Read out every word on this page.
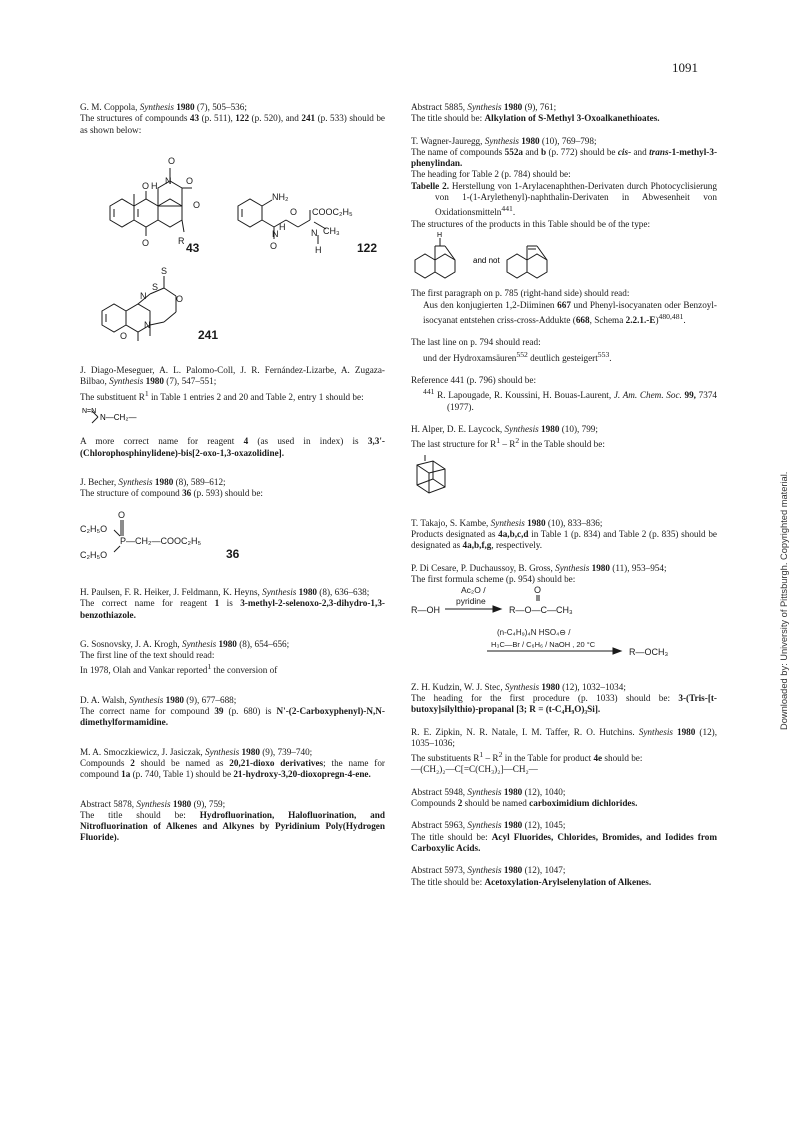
1091
Downloaded by: University of Pittsburgh. Copyrighted material.

G. M. Coppola, Synthesis 1980 (7), 505–536;
The structures of compounds 43 (p. 511), 122 (p. 520), and 241 (p. 533) should be as shown below:

O
H N O
O
O
O	R 43
NH₂
O COOC₂H₅
H
N	N CH₃
O	H	122
S
S
N	O
N
O	241

J. Diago-Meseguer, A. L. Palomo-Coll, J. R. Fernández-Lizarbe, A. Zugaza-Bilbao, Synthesis 1980 (7), 547–551;
The substituent $R^1$ in Table 1 entries 2 and 20 and Table 2, entry 1 should be:

N=N
N—CH₂—

A more correct name for reagent 4 (as used in index) is 3,3'-(Chlorophosphinylidene)-bis[2-oxo-1,3-oxazolidine].

J. Becher, Synthesis 1980 (8), 589–612;
The structure of compound 36 (p. 593) should be:

O
C₂H₅O
P—CH₂—COOC₂H₅
C₂H₅O	36

H. Paulsen, F. R. Heiker, J. Feldmann, K. Heyns, Synthesis 1980 (8), 636–638;
The correct name for reagent 1 is 3-methyl-2-selenoxo-2,3-dihydro-1,3-benzothiazole.

G. Sosnovsky, J. A. Krogh, Synthesis 1980 (8), 654–656;
The first line of the text should read:
In 1978, Olah and Vankar reported$^1$ the conversion of

D. A. Walsh, Synthesis 1980 (9), 677–688;
The correct name for compound 39 (p. 680) is N'-(2-Carboxyphenyl)-N,N-dimethylformamidine.

M. A. Smoczkiewicz, J. Jasiczak, Synthesis 1980 (9), 739–740;
Compounds 2 should be named as 20,21-dioxo derivatives; the name for compound 1a (p. 740, Table 1) should be 21-hydroxy-3,20-dioxopregn-4-ene.

Abstract 5878, Synthesis 1980 (9), 759;
The title should be: Hydrofluorination, Halofluorination, and Nitrofluorination of Alkenes and Alkynes by Pyridinium Poly(Hydrogen Fluoride).

Abstract 5885, Synthesis 1980 (9), 761;
The title should be: Alkylation of S-Methyl 3-Oxoalkanethioates.

T. Wagner-Jauregg, Synthesis 1980 (10), 769–798;
The name of compounds 552a and b (p. 772) should be cis- and trans-1-methyl-3-phenylindan.
The heading for Table 2 (p. 784) should be:

Tabelle 2. Herstellung von 1-Arylacenaphthen-Derivaten durch Photocyclisierung von 1-(1-Arylethenyl)-naphthalin-Derivaten in Abwesenheit von Oxidationsmitteln$^{441}$.

The structures of the products in this Table should be of the type:

H
and not

The first paragraph on p. 785 (right-hand side) should read:

Aus den konjugierten 1,2-Diiminen 667 und Phenyl-isocyanaten oder Benzoyl-isocyanat entstehen criss-cross-Addukte (668, Schema 2.2.1.-E)$^{480,481}$.

The last line on p. 794 should read:

und der Hydroxamsäuren$^{552}$ deutlich gesteigert$^{553}$.

Reference 441 (p. 796) should be:

$^{441}$ R. Lapougade, R. Koussini, H. Bouas-Laurent, J. Am. Chem. Soc. 99, 7374 (1977).

H. Alper, D. E. Laycock, Synthesis 1980 (10), 799;
The last structure for $R^1 - R^2$ in the Table should be:

T. Takajo, S. Kambe, Synthesis 1980 (10), 833–836;
Products designated as 4a,b,c,d in Table 1 (p. 834) and Table 2 (p. 835) should be designated as 4a,b,f,g, respectively.

P. Di Cesare, P. Duchaussoy, B. Gross, Synthesis 1980 (11), 953–954;
The first formula scheme (p. 954) should be:

Ac₂O /
pyridine
R—OH
O
R—O—C—CH₃
(n-C₄H₉)₄N HSO₄⊖ /
H₃C—Br / C₆H₆ / NaOH , 20 °C
R—OCH₃

Z. H. Kudzin, W. J. Stec, Synthesis 1980 (12), 1032–1034;
The heading for the first procedure (p. 1033) should be: 3-(Tris-[t-butoxy]silylthio)-propanal [3; R = (t-C₄H₉O)₃Si].

R. E. Zipkin, N. R. Natale, I. M. Taffer, R. O. Hutchins. Synthesis 1980 (12), 1035–1036;
The substituents $R^1 - R^2$ in the Table for product 4e should be:
—(CH₂)₂—C[=C(CH₃)₂]—CH₂—

Abstract 5948, Synthesis 1980 (12), 1040;
Compounds 2 should be named carboximidium dichlorides.

Abstract 5963, Synthesis 1980 (12), 1045;
The title should be: Acyl Fluorides, Chlorides, Bromides, and Iodides from Carboxylic Acids.

Abstract 5973, Synthesis 1980 (12), 1047;
The title should be: Acetoxylation-Arylselenylation of Alkenes.
